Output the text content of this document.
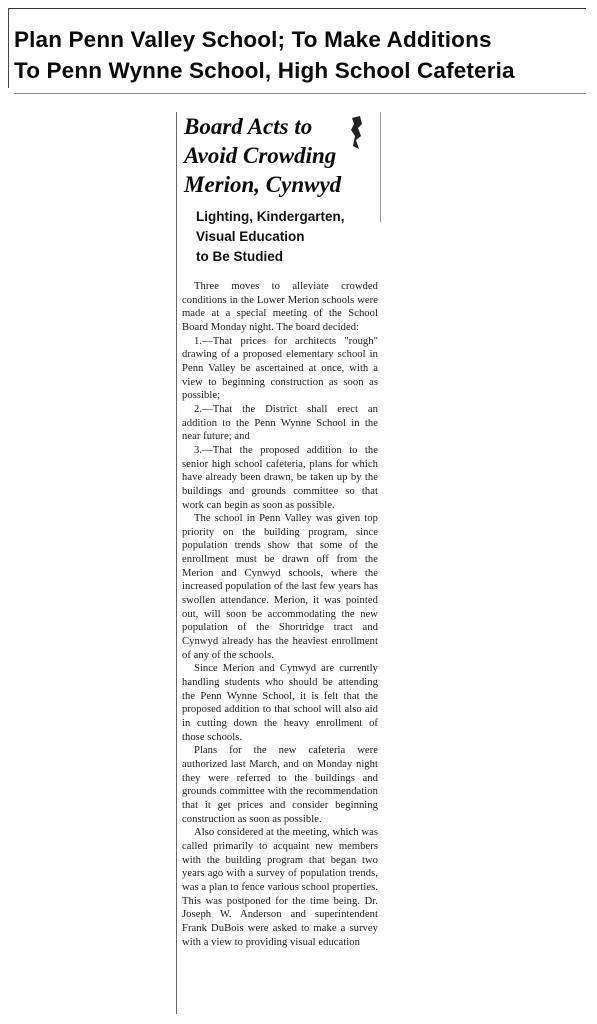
Plan Penn Valley School; To Make Additions
To Penn Wynne School, High School Cafeteria
Board Acts to
Avoid Crowding
Merion, Cynwyd
Lighting, Kindergarten,
Visual Education
to Be Studied

Three moves to alleviate crowded conditions in the Lower Merion schools were made at a special meeting of the School Board Monday night. The board decided:

1.—That prices for architects "rough" drawing of a proposed elementary school in Penn Valley be ascertained at once, with a view to beginning construction as soon as possible;

2.—That the District shall erect an addition to the Penn Wynne School in the near future; and

3.—That the proposed addition to the senior high school cafeteria, plans for which have already been drawn, be taken up by the buildings and grounds committee so that work can begin as soon as possible.

The school in Penn Valley was given top priority on the building program, since population trends show that some of the enrollment must be drawn off from the Merion and Cynwyd schools, where the increased population of the last few years has swollen attendance. Merion, it was pointed out, will soon be accommodating the new population of the Shortridge tract and Cynwyd already has the heaviest enrollment of any of the schools.

Since Merion and Cynwyd are currently handling students who should be attending the Penn Wynne School, it is felt that the proposed addition to that school will also aid in cutting down the heavy enrollment of those schools.

Plans for the new cafeteria were authorized last March, and on Monday night they were referred to the buildings and grounds committee with the recommendation that it get prices and consider beginning construction as soon as possible.

Also considered at the meeting, which was called primarily to acquaint new members with the building program that began two years ago with a survey of population trends, was a plan to fence various school properties. This was postponed for the time being. Dr. Joseph W. Anderson and superintendent Frank DuBois were asked to make a survey with a view to providing visual education
